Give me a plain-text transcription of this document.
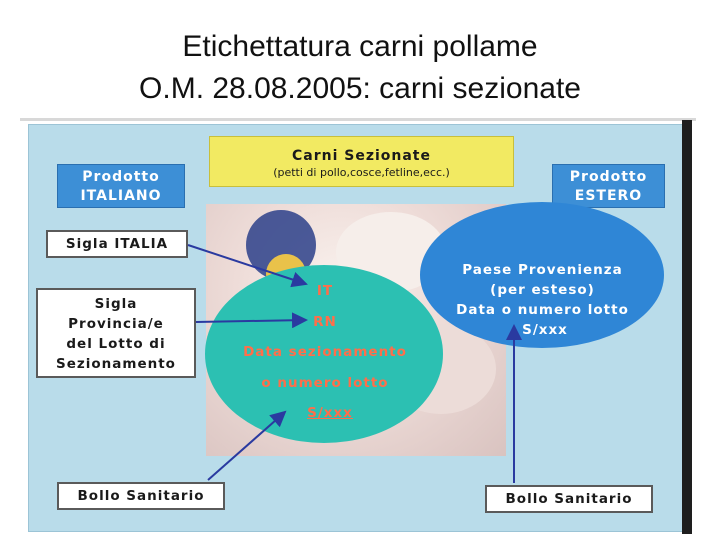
Etichettatura carni pollame
O.M. 28.08.2005: carni sezionate
Carni Sezionate
(petti di pollo,cosce,fetline,ecc.)
Prodotto
ITALIANO
Prodotto
ESTERO
Sigla ITALIA
Sigla
Provincia/e
del Lotto di
Sezionamento
Bollo Sanitario	Bollo Sanitario
IT
RN
Data sezionamento
o numero lotto
S/xxx
Paese Provenienza
(per esteso)
Data o numero lotto
S/xxx
